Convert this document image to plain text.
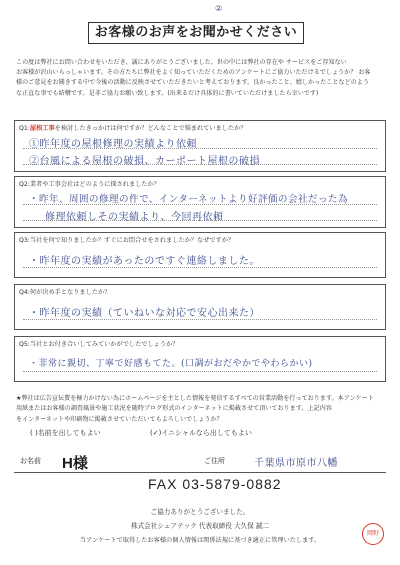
②
お客様のお声をお聞かせください
この度は弊社にお問い合わせをいただき、誠にありがとうございました。世の中には弊社の存在や サービスをご存知ない
お客様が沢山いらっしゃいます。その方たちに弊社をよく知っていただくためのアンケートにご協力いただけるでしょうか？ お客
様のご意見をお聞きする中で今後の活動に反映させていただきたいと考えております。良かったこと、嬉しかったことなどのよう
な正直な事でも結構です。是非ご協力お願い致します。(出来るだけ具体的に書いていただけましたら幸いです)
Q1:屋根工事を検討したきっかけは何ですか？どんなことで悩まれていましたか？
①昨年度の屋根修理の実績より依頼
②台風による屋根の破損、カーポート屋根の破損
Q2:業者や工事会社はどのように探されましたか？
・昨年、周囲の修理の件で、インターネットより好評価の会社だった為
修理依頼しその実績より、今回再依頼
Q3:当社を何で知りましたか？すぐにお問合せをされましたか？なぜですか？
・昨年度の実績があったのですぐ連絡しました。
Q4:何が決め手となりましたか？
・昨年度の実績（ていねいな対応で安心出来た）
Q5:当社とお付き合いしてみていかがでしたでしょうか？
・非常に親切、丁寧で好感もてた。(口調がおだやかでやわらかい)
★弊社は広告宣伝費を極力かけない為にホームページを主とした情報を発信するすべての営業活動を行っております。本アンケート
用紙またはお客様の調査風景や施工状況を随時ブログ形式のインターネットに掲載させて頂いております。上記内容
をインターネットや印刷物に掲載させていただいてもよろしいでしょうか？
( )名前を出してもよい	(✓)イニシャルなら出してもよい
お名前 H様	ご住所	千葉県市原市八幡
FAX 03-5879-0882
ご協力ありがとうございました。
株式会社シェアテック 代表取締役 大久保 誠二
当アンケートで取得したお客様の個人情報は関係法規に基づき適正に管理いたします。
岡野
